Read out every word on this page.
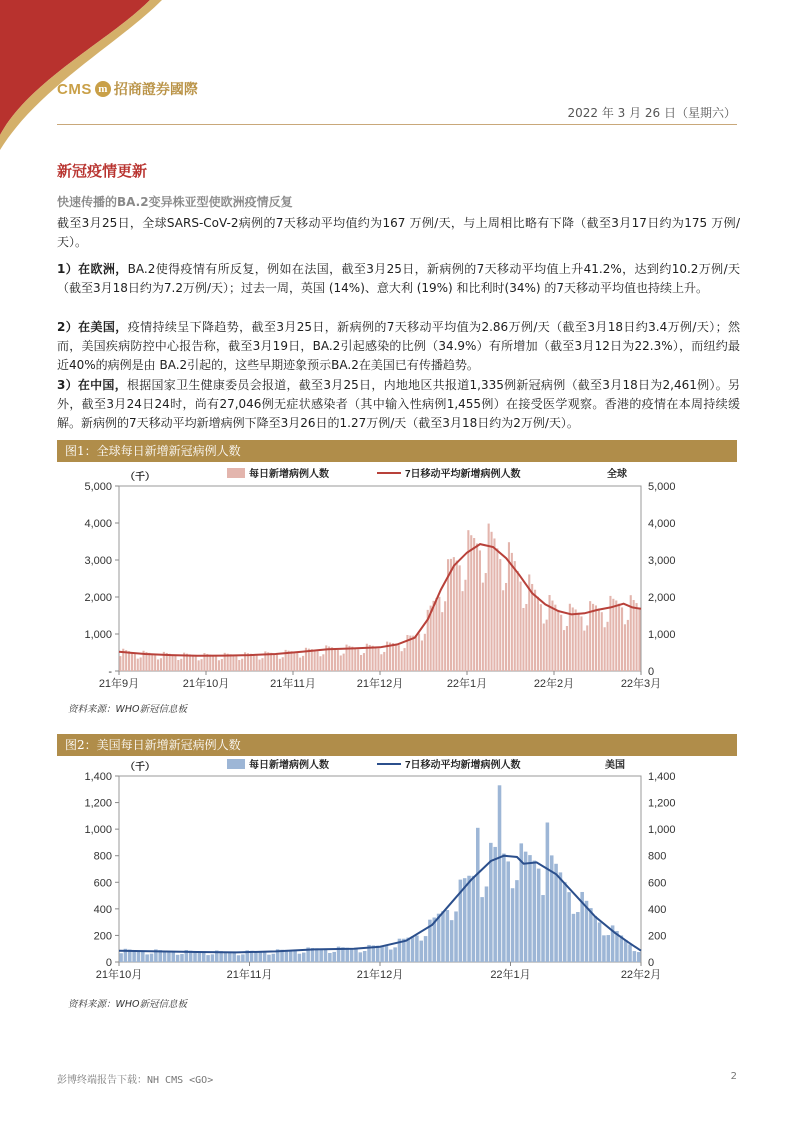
CMS m 招商證券國際
2022 年 3 月 26 日（星期六）
新冠疫情更新
快速传播的BA.2变异株亚型使欧洲疫情反复
截至3月25日，全球SARS-CoV-2病例的7天移动平均值约为167 万例/天，与上周相比略有下降（截至3月17日约为175 万例/天）。
1）在欧洲，BA.2使得疫情有所反复，例如在法国，截至3月25日，新病例的7天移动平均值上升41.2%，达到约10.2万例/天（截至3月18日约为7.2万例/天）；过去一周，英国 (14%)、意大利 (19%) 和比利时(34%) 的7天移动平均值也持续上升。
2）在美国，疫情持续呈下降趋势，截至3月25日，新病例的7天移动平均值为2.86万例/天（截至3月18日约3.4万例/天）；然而，美国疾病防控中心报告称，截至3月19日，BA.2引起感染的比例（34.9%）有所增加（截至3月12日为22.3%），而纽约最近40%的病例是由 BA.2引起的，这些早期迹象预示BA.2在美国已有传播趋势。
3）在中国，根据国家卫生健康委员会报道，截至3月25日，内地地区共报道1,335例新冠病例（截至3月18日为2,461例）。另外，截至3月24日24时，尚有27,046例无症状感染者（其中输入性病例1,455例）在接受医学观察。香港的疫情在本周持续缓解。新病例的7天移动平均新增病例下降至3月26日的1.27万例/天（截至3月18日约为2万例/天）。
图1：全球每日新增新冠病例人数
（千）	每日新增病例人数	7日移动平均新增病例人数	全球
-	0
1,000	1,000
2,000	2,000
3,000	3,000
4,000	4,000
5,000	5,000
21年9月	21年10月	21年11月	21年12月	22年1月	22年2月	22年3月
资料来源：WHO新冠信息板
图2：美国每日新增新冠病例人数
（千）	每日新增病例人数	7日移动平均新增病例人数	美国
0	0
200	200
400	400
600	600
800	800
1,000	1,000
1,200	1,200
1,400	1,400
21年10月	21年11月	21年12月	22年1月	22年2月
资料来源：WHO新冠信息板
彭博终端报告下载：NH CMS <GO>	2
